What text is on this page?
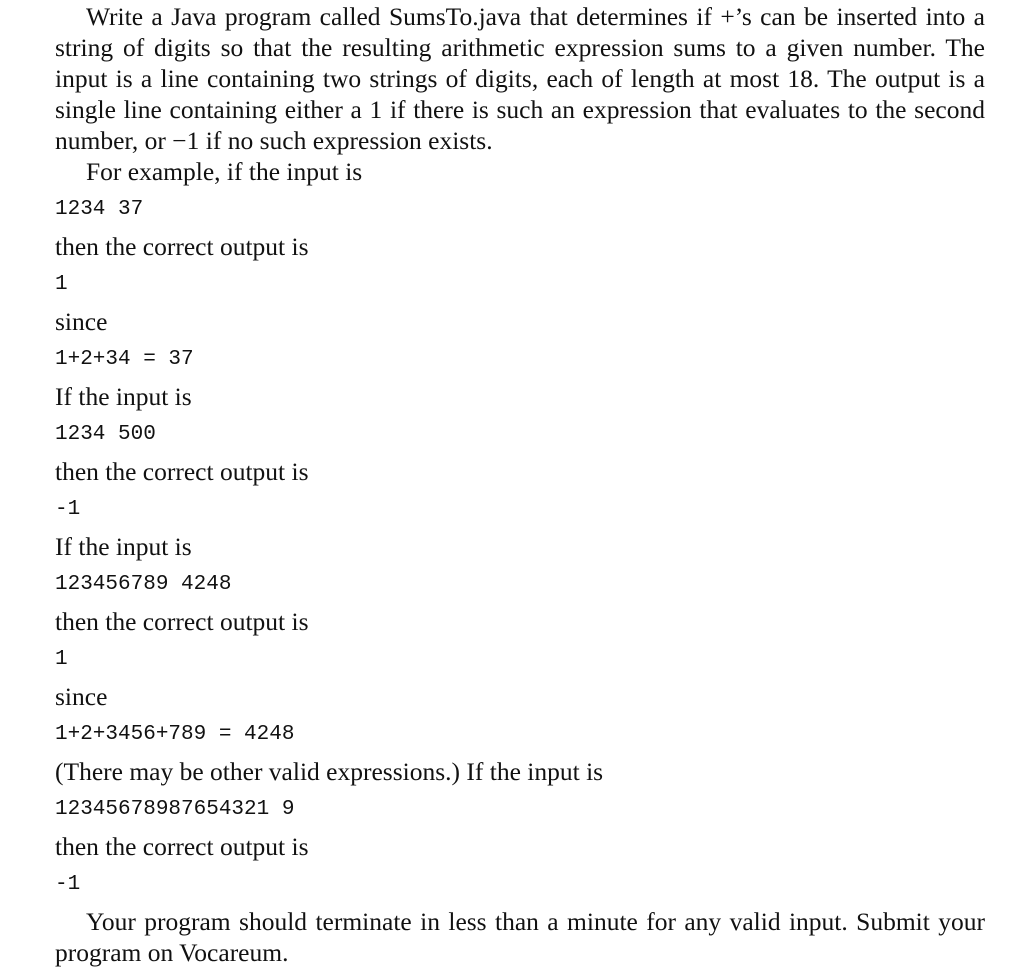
Write a Java program called SumsTo.java that determines if +’s can be inserted into a string of digits so that the resulting arithmetic expression sums to a given number. The input is a line containing two strings of digits, each of length at most 18. The output is a single line containing either a 1 if there is such an expression that evaluates to the second number, or −1 if no such expression exists.

For example, if the input is
1234 37
then the correct output is
1
since
1+2+34 = 37
If the input is
1234 500
then the correct output is
-1
If the input is
123456789 4248
then the correct output is
1
since
1+2+3456+789 = 4248
(There may be other valid expressions.) If the input is
12345678987654321 9
then the correct output is
-1

Your program should terminate in less than a minute for any valid input. Submit your program on Vocareum.
